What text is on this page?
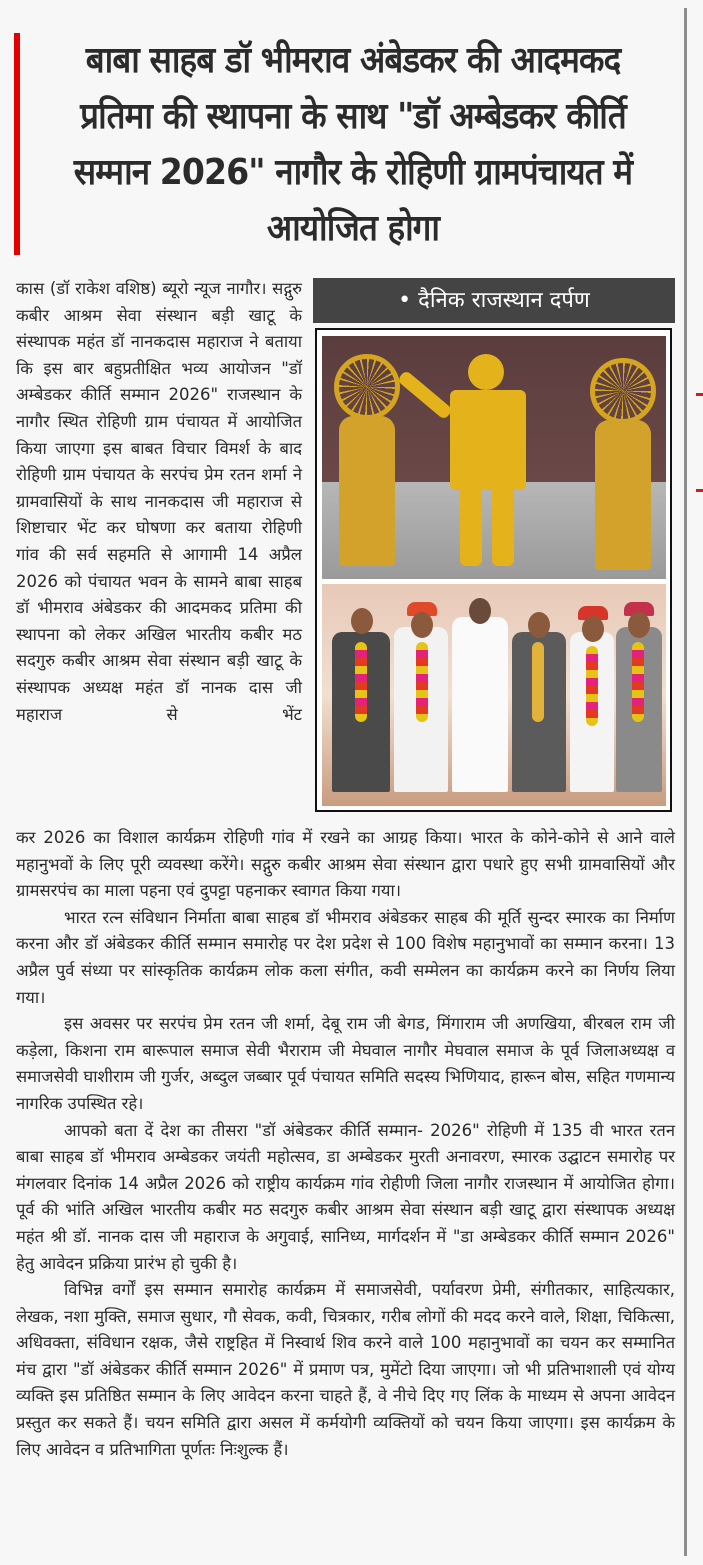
बाबा साहब डॉ भीमराव अंबेडकर की आदमकद प्रतिमा की स्थापना के साथ "डॉ अम्बेडकर कीर्ति सम्मान 2026" नागौर के रोहिणी ग्रामपंचायत में आयोजित होगा

कास (डॉ राकेश वशिष्ठ) ब्यूरो न्यूज नागौर। सद्गुरु कबीर आश्रम सेवा संस्थान बड़ी खाटू के संस्थापक महंत डॉ नानकदास महाराज ने बताया कि इस बार बहुप्रतीक्षित भव्य आयोजन "डॉ अम्बेडकर कीर्ति सम्मान 2026" राजस्थान के नागौर स्थित रोहिणी ग्राम पंचायत में आयोजित किया जाएगा इस बाबत विचार विमर्श के बाद रोहिणी ग्राम पंचायत के सरपंच प्रेम रतन शर्मा ने ग्रामवासियों के साथ नानकदास जी महाराज से शिष्टाचार भेंट कर घोषणा कर बताया रोहिणी गांव की सर्व सहमति से आगामी 14 अप्रैल 2026 को पंचायत भवन के सामने बाबा साहब डॉ भीमराव अंबेडकर की आदमकद प्रतिमा की स्थापना को लेकर अखिल भारतीय कबीर मठ सदगुरु कबीर आश्रम सेवा संस्थान बड़ी खाटू के संस्थापक अध्यक्ष महंत डॉ नानक दास जी महाराज से भेंट

• दैनिक राजस्थान दर्पण

कर 2026 का विशाल कार्यक्रम रोहिणी गांव में रखने का आग्रह किया। भारत के कोने-कोने से आने वाले महानुभवों के लिए पूरी व्यवस्था करेंगे। सद्गुरु कबीर आश्रम सेवा संस्थान द्वारा पधारे हुए सभी ग्रामवासियों और ग्रामसरपंच का माला पहना एवं दुपट्टा पहनाकर स्वागत किया गया।

भारत रत्न संविधान निर्माता बाबा साहब डॉ भीमराव अंबेडकर साहब की मूर्ति सुन्दर स्मारक का निर्माण करना और डॉ अंबेडकर कीर्ति सम्मान समारोह पर देश प्रदेश से 100 विशेष महानुभावों का सम्मान करना। 13 अप्रैल पुर्व संध्या पर सांस्कृतिक कार्यक्रम लोक कला संगीत, कवी सम्मेलन का कार्यक्रम करने का निर्णय लिया गया।

इस अवसर पर सरपंच प्रेम रतन जी शर्मा, देबू राम जी बेगड, मिंगाराम जी अणखिया, बीरबल राम जी कड़ेला, किशना राम बारूपाल समाज सेवी भैराराम जी मेघवाल नागौर मेघवाल समाज के पूर्व जिलाअध्यक्ष व समाजसेवी घाशीराम जी गुर्जर, अब्दुल जब्बार पूर्व पंचायत समिति सदस्य भिणियाद, हारून बोस, सहित गणमान्य नागरिक उपस्थित रहे।

आपको बता दें देश का तीसरा "डॉ अंबेडकर कीर्ति सम्मान- 2026" रोहिणी में 135 वी भारत रतन बाबा साहब डॉ भीमराव अम्बेडकर जयंती महोत्सव, डा अम्बेडकर मुरती अनावरण, स्मारक उद्घाटन समारोह पर मंगलवार दिनांक 14 अप्रैल 2026 को राष्ट्रीय कार्यक्रम गांव रोहीणी जिला नागौर राजस्थान में आयोजित होगा। पूर्व की भांति अखिल भारतीय कबीर मठ सदगुरु कबीर आश्रम सेवा संस्थान बड़ी खाटू द्वारा संस्थापक अध्यक्ष महंत श्री डॉ. नानक दास जी महाराज के अगुवाई, सानिध्य, मार्गदर्शन में "डा अम्बेडकर कीर्ति सम्मान 2026" हेतु आवेदन प्रक्रिया प्रारंभ हो चुकी है।

विभिन्न वर्गों इस सम्मान समारोह कार्यक्रम में समाजसेवी, पर्यावरण प्रेमी, संगीतकार, साहित्यकार, लेखक, नशा मुक्ति, समाज सुधार, गौ सेवक, कवी, चित्रकार, गरीब लोगों की मदद करने वाले, शिक्षा, चिकित्सा, अधिवक्ता, संविधान रक्षक, जैसे राष्ट्रहित में निस्वार्थ शिव करने वाले 100 महानुभावों का चयन कर सम्मानित मंच द्वारा "डॉ अंबेडकर कीर्ति सम्मान 2026" में प्रमाण पत्र, मुमेंटो दिया जाएगा। जो भी प्रतिभाशाली एवं योग्य व्यक्ति इस प्रतिष्ठित सम्मान के लिए आवेदन करना चाहते हैं, वे नीचे दिए गए लिंक के माध्यम से अपना आवेदन प्रस्तुत कर सकते हैं। चयन समिति द्वारा असल में कर्मयोगी व्यक्तियों को चयन किया जाएगा। इस कार्यक्रम के लिए आवेदन व प्रतिभागिता पूर्णतः निःशुल्क हैं।
